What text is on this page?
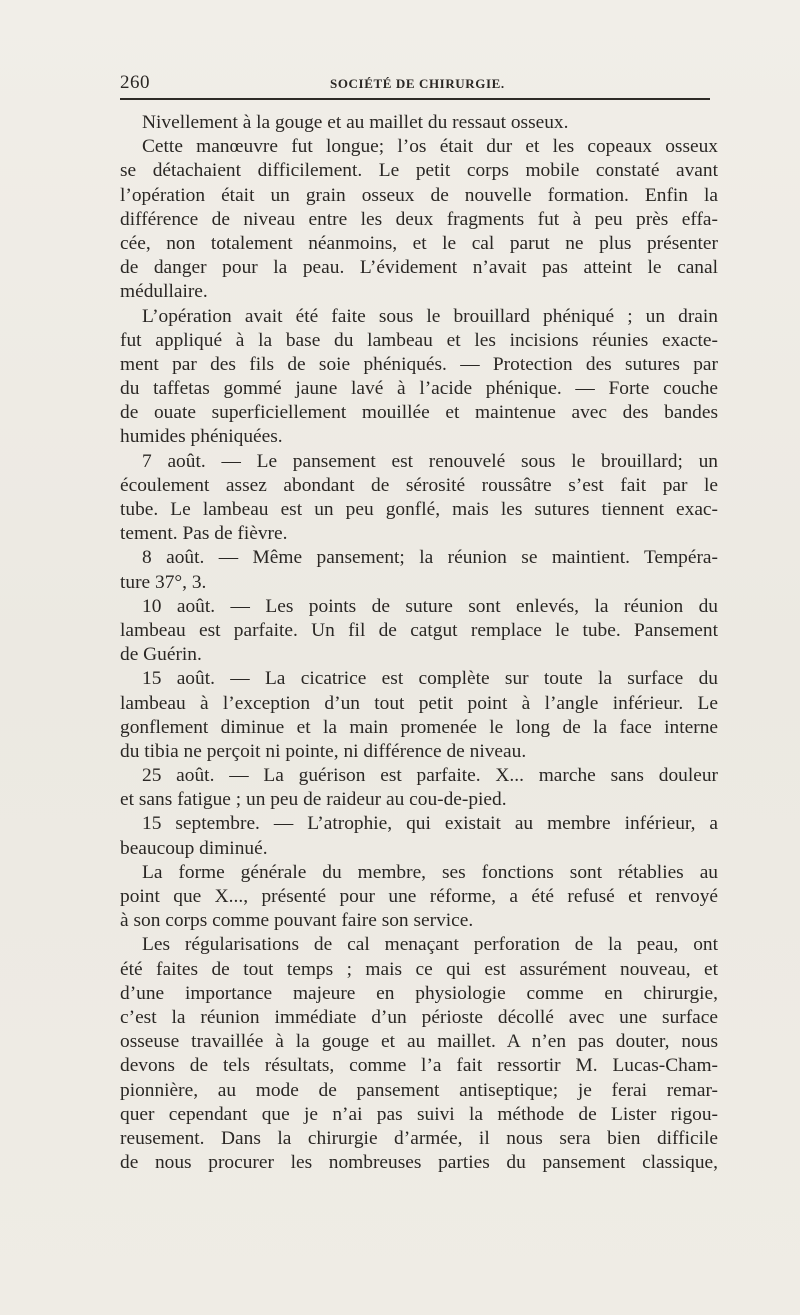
260	SOCIÉTÉ DE CHIRURGIE.
Nivellement à la gouge et au maillet du ressaut osseux.
Cette manœuvre fut longue; l’os était dur et les copeaux osseux
se détachaient difficilement. Le petit corps mobile constaté avant
l’opération était un grain osseux de nouvelle formation. Enfin la
différence de niveau entre les deux fragments fut à peu près effa-
cée, non totalement néanmoins, et le cal parut ne plus présenter
de danger pour la peau. L’évidement n’avait pas atteint le canal
médullaire.
L’opération avait été faite sous le brouillard phéniqué ; un drain
fut appliqué à la base du lambeau et les incisions réunies exacte-
ment par des fils de soie phéniqués. — Protection des sutures par
du taffetas gommé jaune lavé à l’acide phénique. — Forte couche
de ouate superficiellement mouillée et maintenue avec des bandes
humides phéniquées.
7 août. — Le pansement est renouvelé sous le brouillard; un
écoulement assez abondant de sérosité roussâtre s’est fait par le
tube. Le lambeau est un peu gonflé, mais les sutures tiennent exac-
tement. Pas de fièvre.
8 août. — Même pansement; la réunion se maintient. Tempéra-
ture 37°, 3.
10 août. — Les points de suture sont enlevés, la réunion du
lambeau est parfaite. Un fil de catgut remplace le tube. Pansement
de Guérin.
15 août. — La cicatrice est complète sur toute la surface du
lambeau à l’exception d’un tout petit point à l’angle inférieur. Le
gonflement diminue et la main promenée le long de la face interne
du tibia ne perçoit ni pointe, ni différence de niveau.
25 août. — La guérison est parfaite. X... marche sans douleur
et sans fatigue ; un peu de raideur au cou-de-pied.
15 septembre. — L’atrophie, qui existait au membre inférieur, a
beaucoup diminué.
La forme générale du membre, ses fonctions sont rétablies au
point que X..., présenté pour une réforme, a été refusé et renvoyé
à son corps comme pouvant faire son service.
Les régularisations de cal menaçant perforation de la peau, ont
été faites de tout temps ; mais ce qui est assurément nouveau, et
d’une importance majeure en physiologie comme en chirurgie,
c’est la réunion immédiate d’un périoste décollé avec une surface
osseuse travaillée à la gouge et au maillet. A n’en pas douter, nous
devons de tels résultats, comme l’a fait ressortir M. Lucas-Cham-
pionnière, au mode de pansement antiseptique; je ferai remar-
quer cependant que je n’ai pas suivi la méthode de Lister rigou-
reusement. Dans la chirurgie d’armée, il nous sera bien difficile
de nous procurer les nombreuses parties du pansement classique,
